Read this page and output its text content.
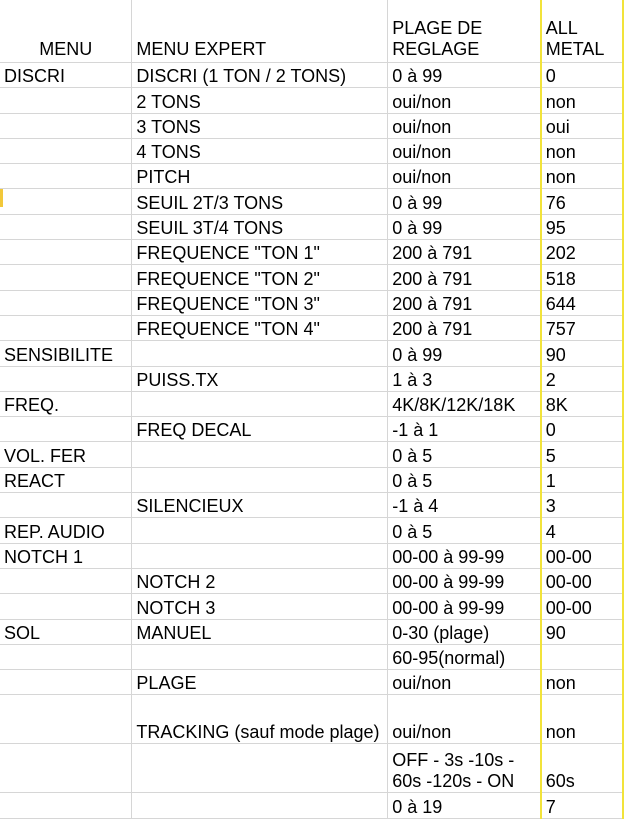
MENU	MENU EXPERT	PLAGE DE REGLAGE	ALL METAL
DISCRI	DISCRI (1 TON / 2 TONS)	0 à 99	0
	2 TONS	oui/non	non
	3 TONS	oui/non	oui
	4 TONS	oui/non	non
	PITCH	oui/non	non
	SEUIL 2T/3 TONS	0 à 99	76
	SEUIL 3T/4 TONS	0 à 99	95
	FREQUENCE "TON 1"	200 à 791	202
	FREQUENCE "TON 2"	200 à 791	518
	FREQUENCE "TON 3"	200 à 791	644
	FREQUENCE "TON 4"	200 à 791	757
SENSIBILITE		0 à 99	90
	PUISS.TX	1 à 3	2
FREQ.		4K/8K/12K/18K	8K
	FREQ DECAL	-1 à 1	0
VOL. FER		0 à 5	5
REACT		0 à 5	1
	SILENCIEUX	-1 à 4	3
REP. AUDIO		0 à 5	4
NOTCH 1		00-00 à 99-99	00-00
	NOTCH 2	00-00 à 99-99	00-00
	NOTCH 3	00-00 à 99-99	00-00
SOL	MANUEL	0-30 (plage)	90
		60-95(normal)	
	PLAGE	oui/non	non
	TRACKING (sauf mode plage)	oui/non	non
		OFF - 3s -10s - 60s -120s - ON	60s
		0 à 19	7
